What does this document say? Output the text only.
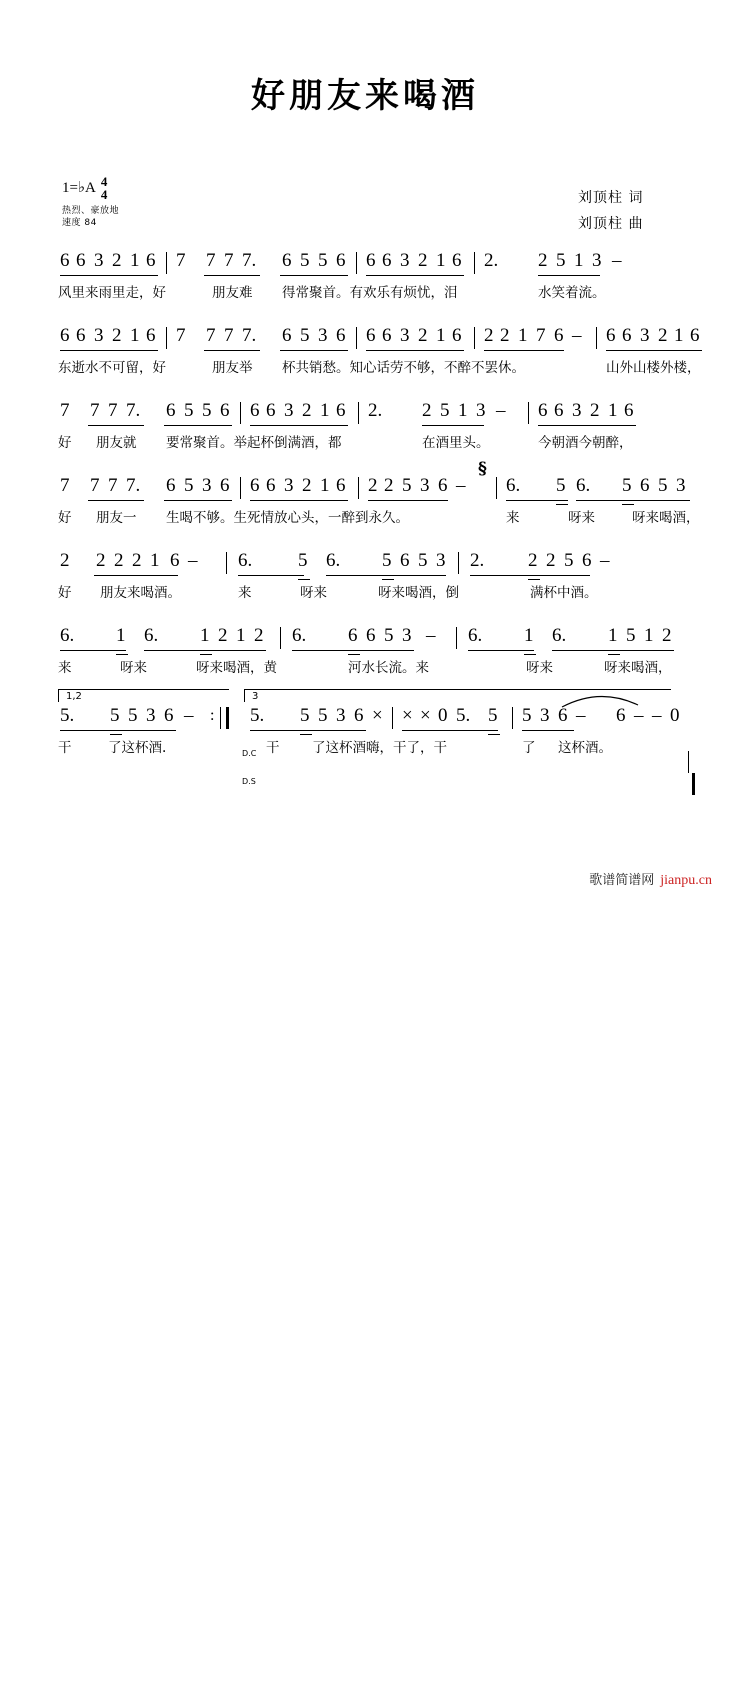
好朋友来喝酒
1=♭A 4
4
热烈、豪放地
速度 84
刘顶柱 词
刘顶柱 曲

6

6

3

2

1

6

7

7

7

7.

6

5

5

6

6

6

3

2

1

6

2.

2

5

1

3

–

风里来雨里走，好

	朋友难

得常聚首。有欢乐有烦忧，泪

	水笑着流。

6

6

3

2

1

6

7

7

7

7.

6

5

3

6

6

6

3

2

1

6

2

2

1

7

6

–

6

6

3

2

1

6

东逝水不可留，好

	朋友举

杯共销愁。知心话劳不够，不醉不罢休。

	山外山楼外楼，

7

7

7

7.

6

5

5

6

6

6

3

2

1

6

2.

2

5

1

3

–

6

6

3

2

1

6

好

朋友就

要常聚首。举起杯倒满酒，都

	在酒里头。

	今朝酒今朝醉，

7

7

7

7.

6

5

3

6

6

6

3

2

1

6

2

2

5

3

6

–

6.

5

6.

5

6

5

3

§

好

朋友一

生喝不够。生死情放心头，一醉到永久。

	来

	呀来

	呀来喝酒，

2

2

2

2

1

6

–

6.

5

6.

5

6

5

3

2.

2

2

5

6

–

好

朋友来喝酒。

	来

	呀来

	呀来喝酒，倒

	满杯中酒。

6.

1

6.

1

2

1

2

6.

6

6

5

3

–

6.

1

6.

1

5

1

2

来

	呀来

	呀来喝酒，黄

	河水长流。来

	呀来

	呀来喝酒，

1,2	3

5.

5

5

3

6

–

	5.

5

5

3

6

×

×

×

0

5.

5

5

3

6

–

6

–

–

0

:

D.C

D.S

干

	了这杯酒.

	干

了这杯酒嗨，干了，干

	了

这杯酒。

歌谱简谱网 jianpu.cn
